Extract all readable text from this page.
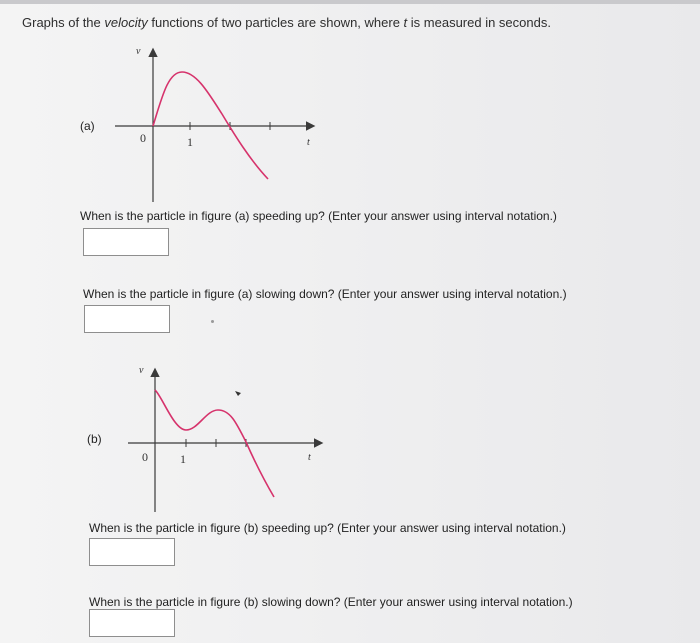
Graphs of the velocity functions of two particles are shown, where t is measured in seconds.
(a)
v
t
0	1
When is the particle in figure (a) speeding up? (Enter your answer using interval notation.)
When is the particle in figure (a) slowing down? (Enter your answer using interval notation.)
(b)
v
t
0	1
When is the particle in figure (b) speeding up? (Enter your answer using interval notation.)
When is the particle in figure (b) slowing down? (Enter your answer using interval notation.)
